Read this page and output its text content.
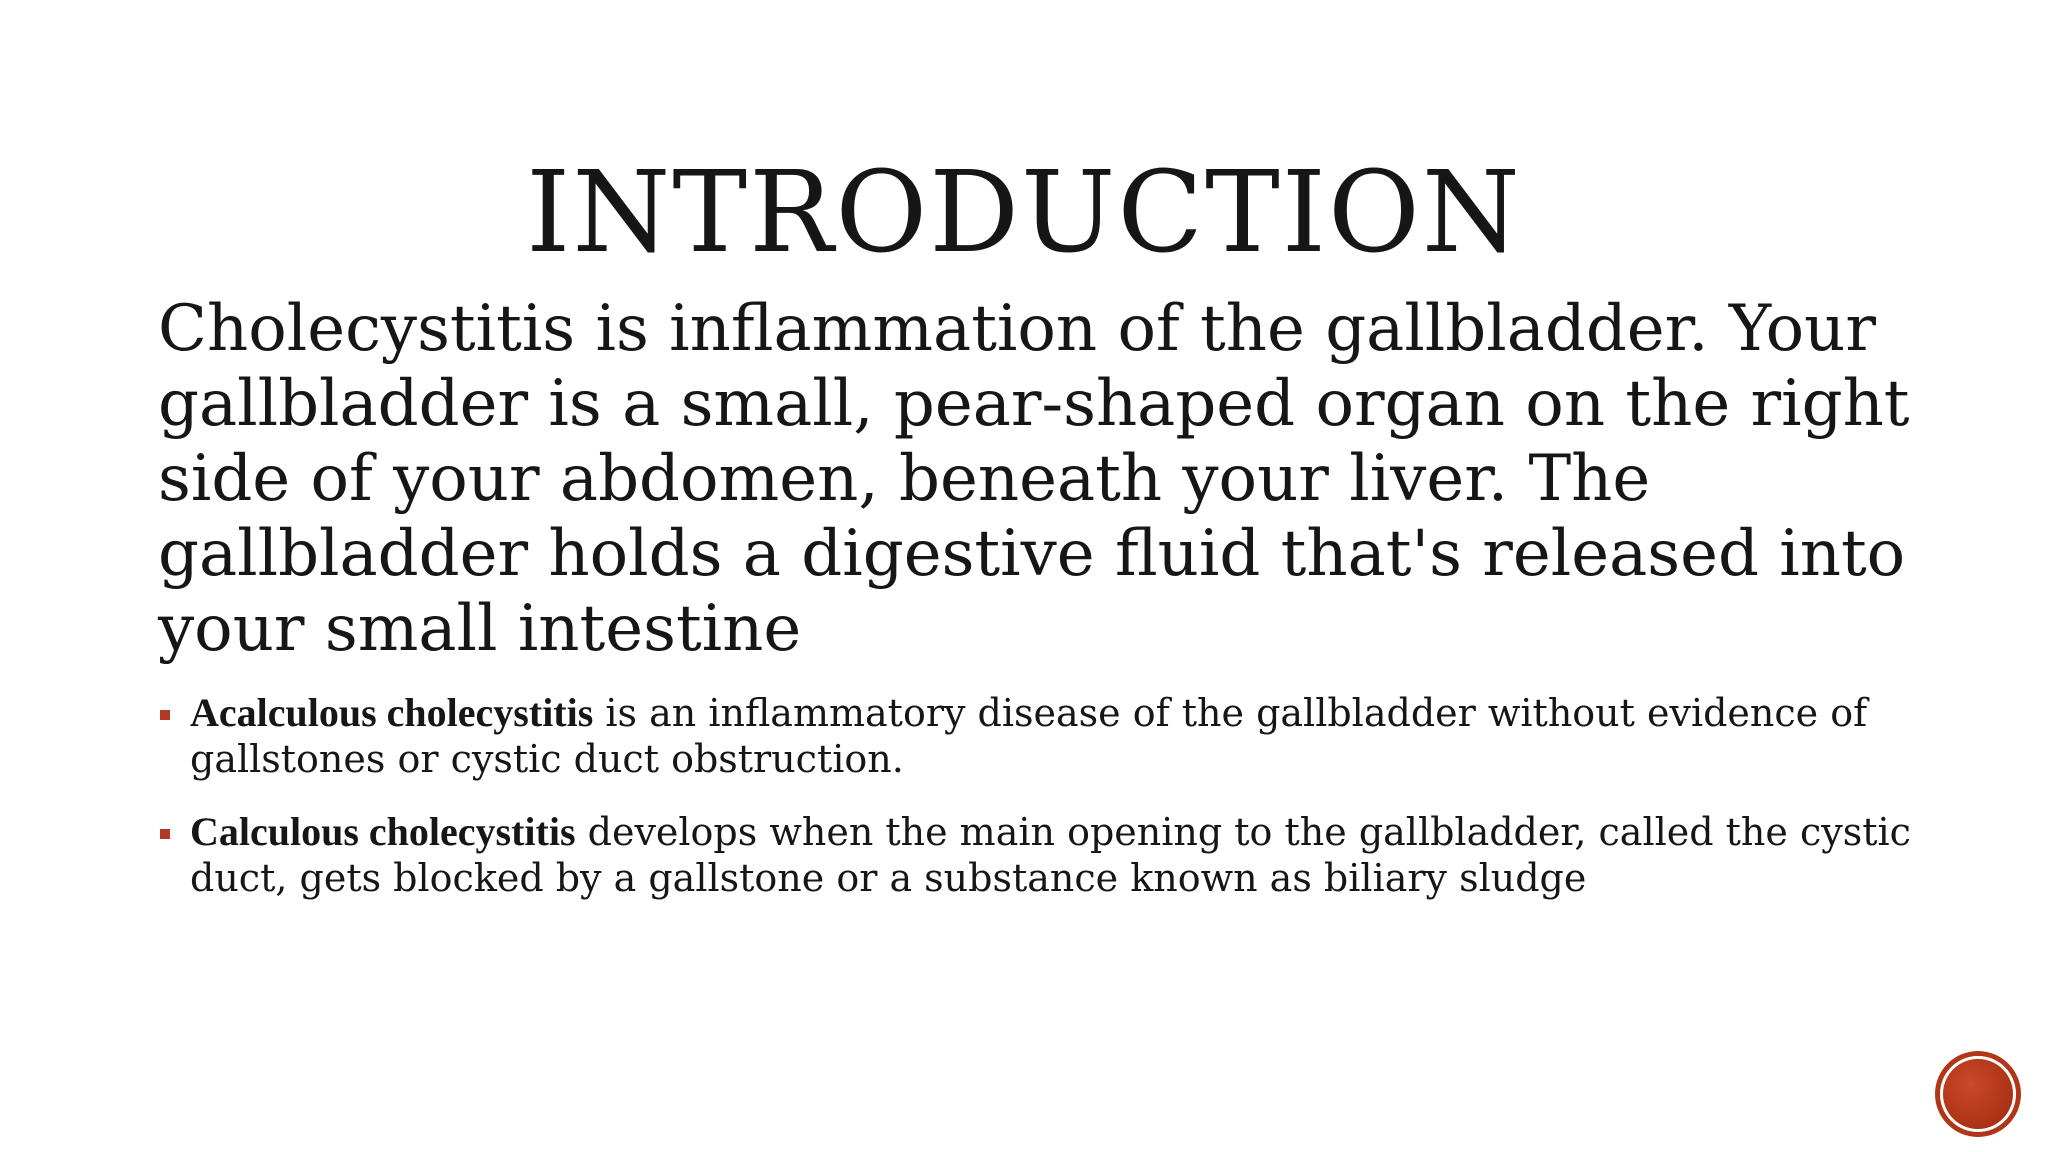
INTRODUCTION

Cholecystitis is inflammation of the gallbladder. Your gallbladder is a small, pear-shaped organ on the right side of your abdomen, beneath your liver. The gallbladder holds a digestive fluid that's released into your small intestine

Acalculous cholecystitis is an inflammatory disease of the gallbladder without evidence of gallstones or cystic duct obstruction.
Calculous cholecystitis develops when the main opening to the gallbladder, called the cystic duct, gets blocked by a gallstone or a substance known as biliary sludge
